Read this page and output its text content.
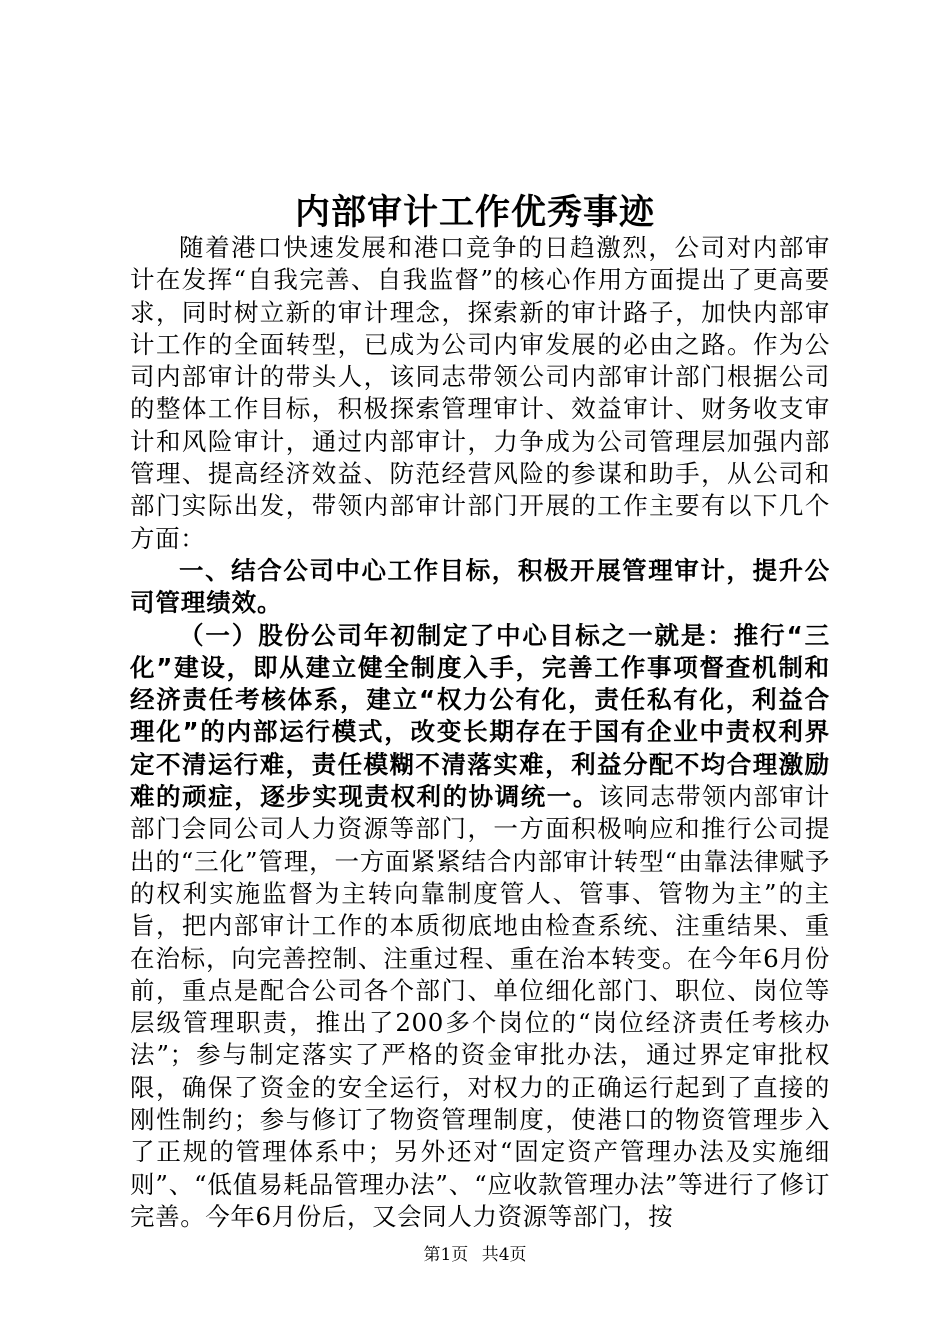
内部审计工作优秀事迹

随着港口快速发展和港口竞争的日趋激烈，公司对内部审计在发挥“自我完善、自我监督”的核心作用方面提出了更高要求，同时树立新的审计理念，探索新的审计路子，加快内部审计工作的全面转型，已成为公司内审发展的必由之路。作为公司内部审计的带头人，该同志带领公司内部审计部门根据公司的整体工作目标，积极探索管理审计、效益审计、财务收支审计和风险审计，通过内部审计，力争成为公司管理层加强内部管理、提高经济效益、防范经营风险的参谋和助手，从公司和部门实际出发，带领内部审计部门开展的工作主要有以下几个方面：

一、结合公司中心工作目标，积极开展管理审计，提升公司管理绩效。

（一）股份公司年初制定了中心目标之一就是：推行“三化”建设，即从建立健全制度入手，完善工作事项督查机制和经济责任考核体系，建立“权力公有化，责任私有化，利益合理化”的内部运行模式，改变长期存在于国有企业中责权利界定不清运行难，责任模糊不清落实难，利益分配不均合理激励难的顽症，逐步实现责权利的协调统一。该同志带领内部审计部门会同公司人力资源等部门，一方面积极响应和推行公司提出的“三化”管理，一方面紧紧结合内部审计转型“由靠法律赋予的权利实施监督为主转向靠制度管人、管事、管物为主”的主旨，把内部审计工作的本质彻底地由检查系统、注重结果、重在治标，向完善控制、注重过程、重在治本转变。在今年6月份前，重点是配合公司各个部门、单位细化部门、职位、岗位等层级管理职责，推出了200多个岗位的“岗位经济责任考核办法”；参与制定落实了严格的资金审批办法，通过界定审批权限，确保了资金的安全运行，对权力的正确运行起到了直接的刚性制约；参与修订了物资管理制度，使港口的物资管理步入了正规的管理体系中；另外还对“固定资产管理办法及实施细则”、“低值易耗品管理办法”、“应收款管理办法”等进行了修订完善。今年6月份后，又会同人力资源等部门，按

第1页 共4页
